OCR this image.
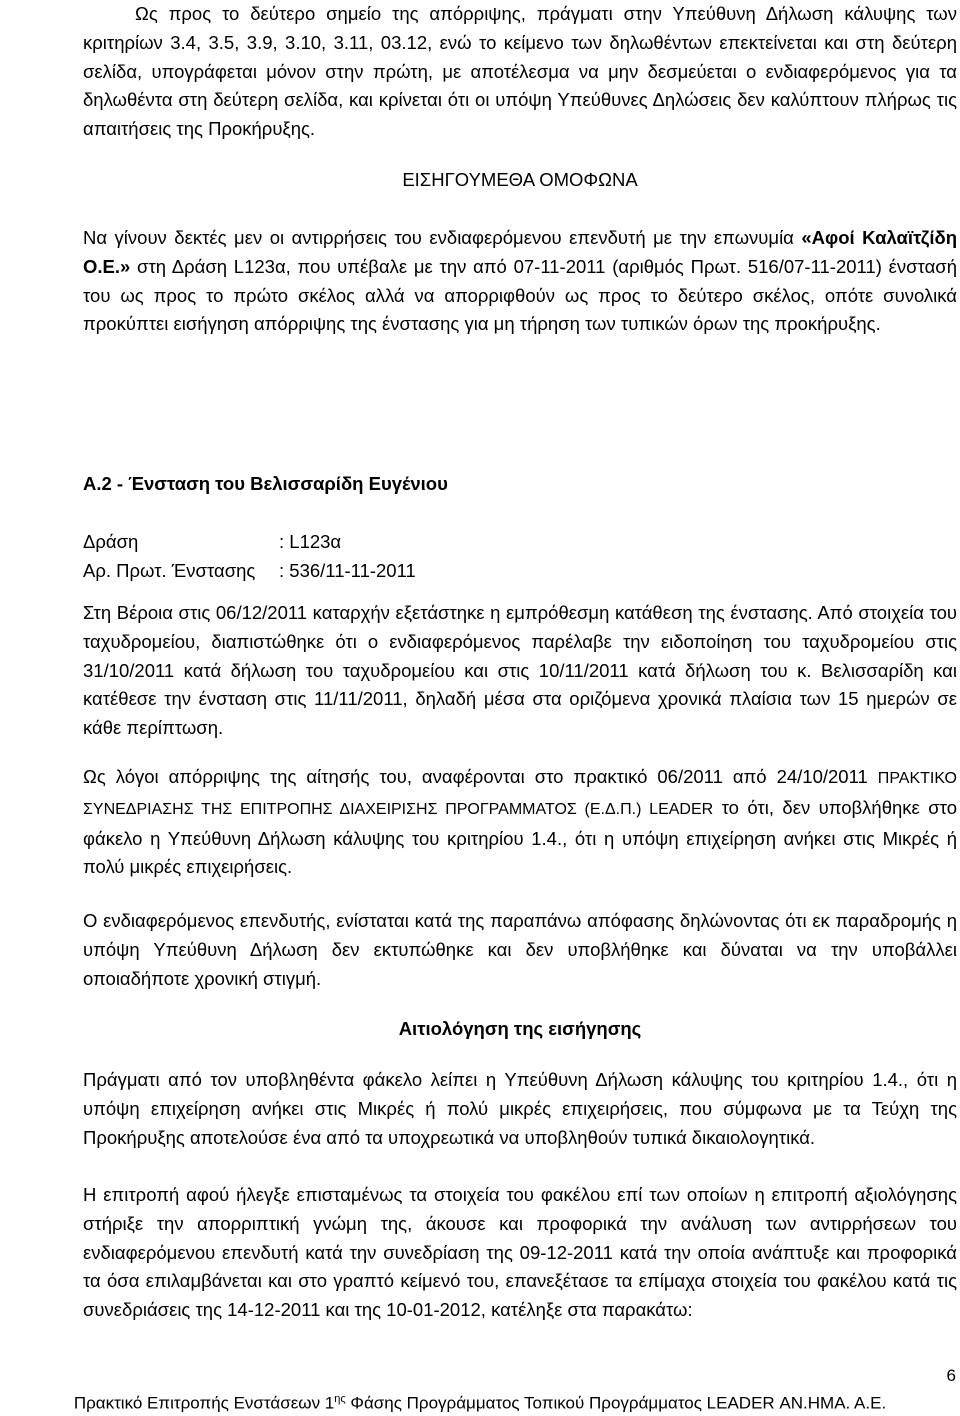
Ως προς το δεύτερο σημείο της απόρριψης, πράγματι στην Υπεύθυνη Δήλωση κάλυψης των κριτηρίων 3.4, 3.5, 3.9, 3.10, 3.11, 03.12, ενώ το κείμενο των δηλωθέντων επεκτείνεται και στη δεύτερη σελίδα, υπογράφεται μόνον στην πρώτη, με αποτέλεσμα να μην δεσμεύεται ο ενδιαφερόμενος για τα δηλωθέντα στη δεύτερη σελίδα, και κρίνεται ότι οι υπόψη Υπεύθυνες Δηλώσεις δεν καλύπτουν πλήρως τις απαιτήσεις της Προκήρυξης.
ΕΙΣΗΓΟΥΜΕΘΑ ΟΜΟΦΩΝΑ
Να γίνουν δεκτές μεν οι αντιρρήσεις του ενδιαφερόμενου επενδυτή με την επωνυμία «Αφοί Καλαϊτζίδη Ο.Ε.» στη Δράση L123α, που υπέβαλε με την από 07-11-2011 (αριθμός Πρωτ. 516/07-11-2011) ένστασή του ως προς το πρώτο σκέλος αλλά να απορριφθούν ως προς το δεύτερο σκέλος, οπότε συνολικά προκύπτει εισήγηση απόρριψης της ένστασης για μη τήρηση των τυπικών όρων της προκήρυξης.
Α.2 - Ένσταση του Βελισσαρίδη Ευγένιου
Δράση	: L123α
Αρ. Πρωτ. Ένστασης : 536/11-11-2011
Στη Βέροια στις 06/12/2011 καταρχήν εξετάστηκε η εμπρόθεσμη κατάθεση της ένστασης. Από στοιχεία του ταχυδρομείου, διαπιστώθηκε ότι ο ενδιαφερόμενος παρέλαβε την ειδοποίηση του ταχυδρομείου στις 31/10/2011 κατά δήλωση του ταχυδρομείου και στις 10/11/2011 κατά δήλωση του κ. Βελισσαρίδη και κατέθεσε την ένσταση στις 11/11/2011, δηλαδή μέσα στα οριζόμενα χρονικά πλαίσια των 15 ημερών σε κάθε περίπτωση.
Ως λόγοι απόρριψης της αίτησής του, αναφέρονται στο πρακτικό 06/2011 από 24/10/2011 ΠΡΑΚΤΙΚΟ ΣΥΝΕΔΡΙΑΣΗΣ ΤΗΣ ΕΠΙΤΡΟΠΗΣ ΔΙΑΧΕΙΡΙΣΗΣ ΠΡΟΓΡΑΜΜΑΤΟΣ (Ε.Δ.Π.) LEADER το ότι, δεν υποβλήθηκε στο φάκελο η Υπεύθυνη Δήλωση κάλυψης του κριτηρίου 1.4., ότι η υπόψη επιχείρηση ανήκει στις Μικρές ή πολύ μικρές επιχειρήσεις.
Ο ενδιαφερόμενος επενδυτής, ενίσταται κατά της παραπάνω απόφασης δηλώνοντας ότι εκ παραδρομής η υπόψη Υπεύθυνη Δήλωση δεν εκτυπώθηκε και δεν υποβλήθηκε και δύναται να την υποβάλλει οποιαδήποτε χρονική στιγμή.
Αιτιολόγηση της εισήγησης
Πράγματι από τον υποβληθέντα φάκελο λείπει η Υπεύθυνη Δήλωση κάλυψης του κριτηρίου 1.4., ότι η υπόψη επιχείρηση ανήκει στις Μικρές ή πολύ μικρές επιχειρήσεις, που σύμφωνα με τα Τεύχη της Προκήρυξης αποτελούσε ένα από τα υποχρεωτικά να υποβληθούν τυπικά δικαιολογητικά.
Η επιτροπή αφού ήλεγξε επισταμένως τα στοιχεία του φακέλου επί των οποίων η επιτροπή αξιολόγησης στήριξε την απορριπτική γνώμη της, άκουσε και προφορικά την ανάλυση των αντιρρήσεων του ενδιαφερόμενου επενδυτή κατά την συνεδρίαση της 09-12-2011 κατά την οποία ανάπτυξε και προφορικά τα όσα επιλαμβάνεται και στο γραπτό κείμενό του, επανεξέτασε τα επίμαχα στοιχεία του φακέλου κατά τις συνεδριάσεις της 14-12-2011 και της 10-01-2012, κατέληξε στα παρακάτω:
6
Πρακτικό Επιτροπής Ενστάσεων $1^{\eta\varsigma}$ Φάσης Προγράμματος Τοπικού Προγράμματος LEADER ΑΝ.ΗΜΑ. Α.Ε.
